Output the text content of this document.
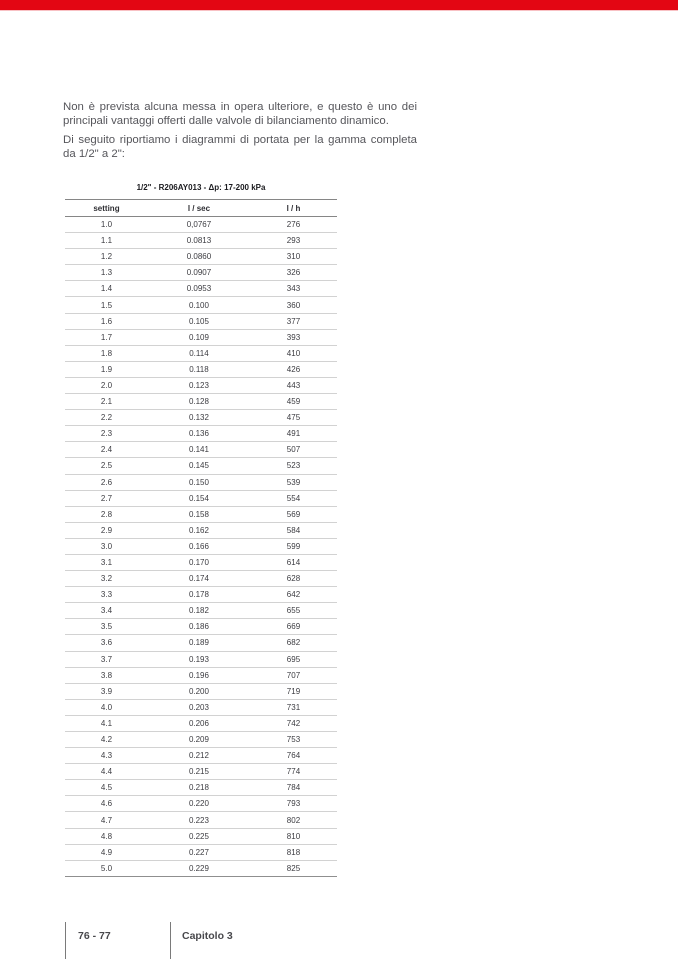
Non è prevista alcuna messa in opera ulteriore, e questo è uno dei principali vantaggi offerti dalle valvole di bilanciamento dinamico.

Di seguito riportiamo i diagrammi di portata per la gamma completa da 1/2" a 2":

1/2" - R206AY013 - Δp: 17-200 kPa
setting	l / sec	l / h
1.0	0,0767	276
1.1	0.0813	293
1.2	0.0860	310
1.3	0.0907	326
1.4	0.0953	343
1.5	0.100	360
1.6	0.105	377
1.7	0.109	393
1.8	0.114	410
1.9	0.118	426
2.0	0.123	443
2.1	0.128	459
2.2	0.132	475
2.3	0.136	491
2.4	0.141	507
2.5	0.145	523
2.6	0.150	539
2.7	0.154	554
2.8	0.158	569
2.9	0.162	584
3.0	0.166	599
3.1	0.170	614
3.2	0.174	628
3.3	0.178	642
3.4	0.182	655
3.5	0.186	669
3.6	0.189	682
3.7	0.193	695
3.8	0.196	707
3.9	0.200	719
4.0	0.203	731
4.1	0.206	742
4.2	0.209	753
4.3	0.212	764
4.4	0.215	774
4.5	0.218	784
4.6	0.220	793
4.7	0.223	802
4.8	0.225	810
4.9	0.227	818
5.0	0.229	825
76 - 77	Capitolo 3
